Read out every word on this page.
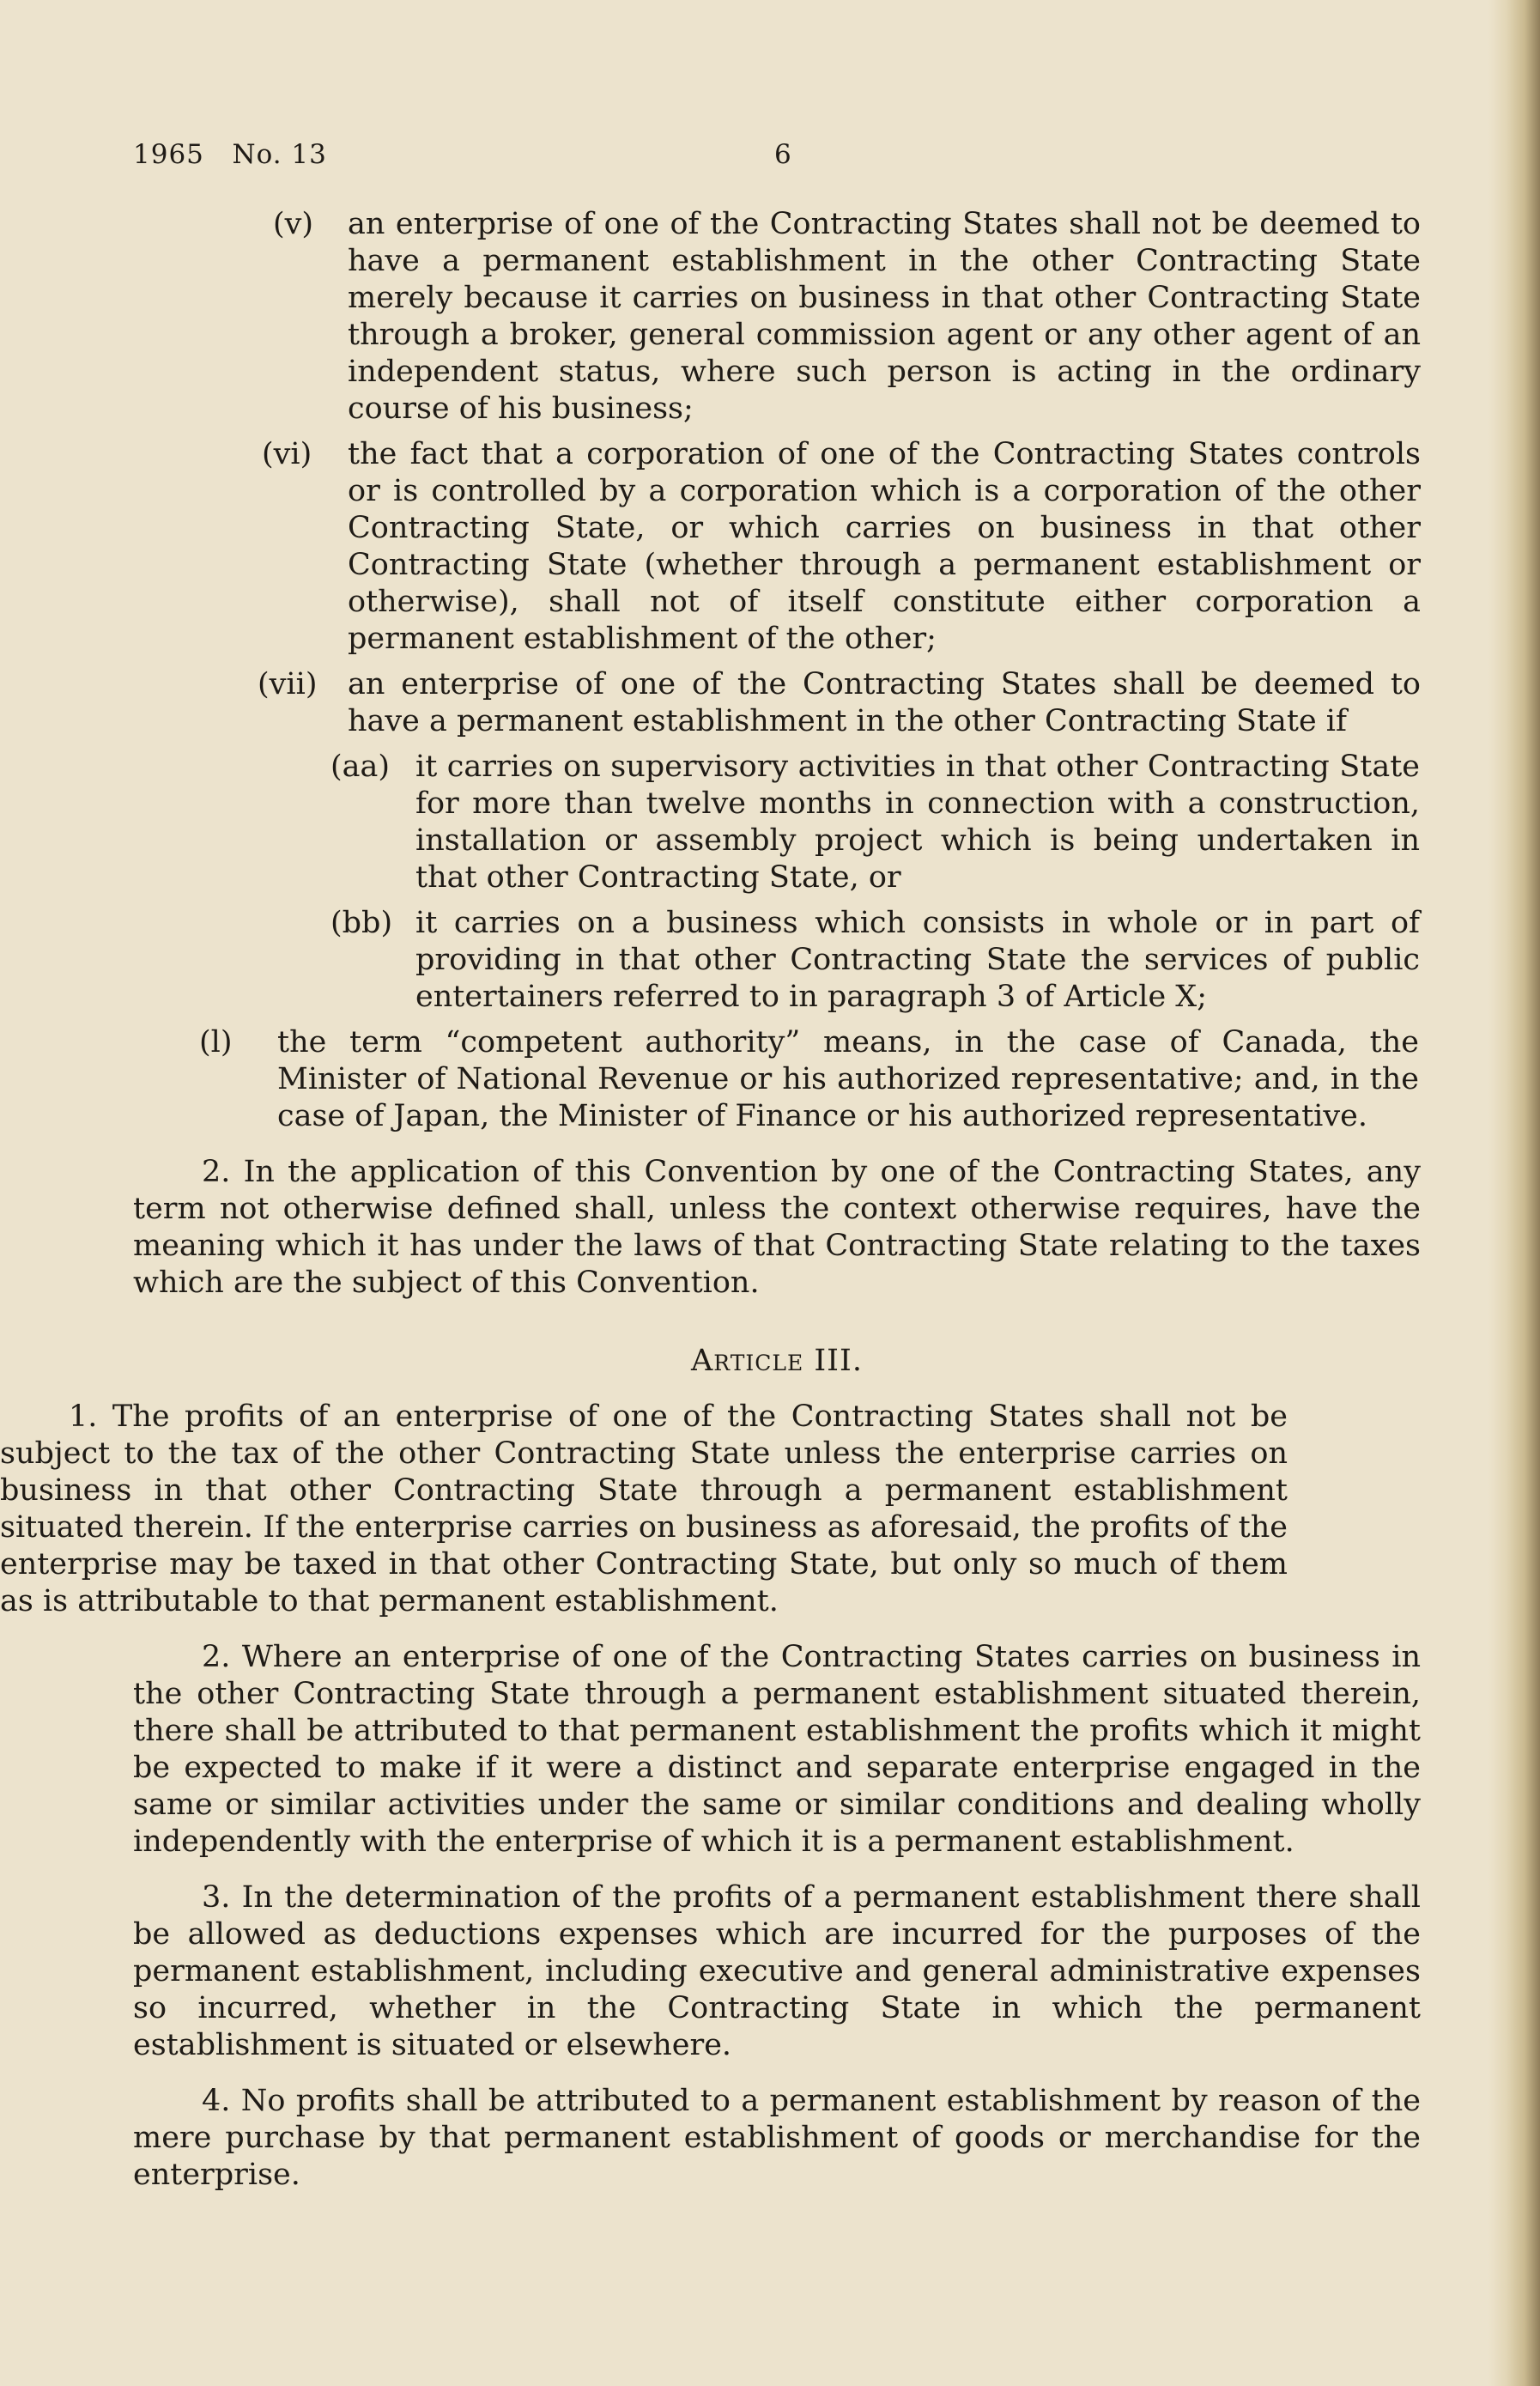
1965   No. 13	6
(v) an enterprise of one of the Contracting States shall not be deemed to have a permanent establishment in the other Contracting State merely because it carries on business in that other Contracting State through a broker, general commission agent or any other agent of an independent status, where such person is acting in the ordinary course of his business;
(vi) the fact that a corporation of one of the Contracting States controls or is controlled by a corporation which is a corporation of the other Contracting State, or which carries on business in that other Contracting State (whether through a permanent establishment or otherwise), shall not of itself constitute either corporation a permanent establishment of the other;
(vii) an enterprise of one of the Contracting States shall be deemed to have a permanent establishment in the other Contracting State if
(aa) it carries on supervisory activities in that other Contracting State for more than twelve months in connection with a construction, installation or assembly project which is being undertaken in that other Contracting State, or
(bb) it carries on a business which consists in whole or in part of providing in that other Contracting State the services of public entertainers referred to in paragraph 3 of Article X;
(l) the term “competent authority” means, in the case of Canada, the Minister of National Revenue or his authorized representative; and, in the case of Japan, the Minister of Finance or his authorized representative.

2. In the application of this Convention by one of the Contracting States, any term not otherwise defined shall, unless the context otherwise requires, have the meaning which it has under the laws of that Contracting State relating to the taxes which are the subject of this Convention.

Article III.

1. The profits of an enterprise of one of the Contracting States shall not be subject to the tax of the other Contracting State unless the enterprise carries on business in that other Contracting State through a permanent establishment situated therein. If the enterprise carries on business as aforesaid, the profits of the enterprise may be taxed in that other Contracting State, but only so much of them as is attributable to that permanent establishment.

2. Where an enterprise of one of the Contracting States carries on business in the other Contracting State through a permanent establishment situated therein, there shall be attributed to that permanent establishment the profits which it might be expected to make if it were a distinct and separate enterprise engaged in the same or similar activities under the same or similar conditions and dealing wholly independently with the enterprise of which it is a permanent establishment.

3. In the determination of the profits of a permanent establishment there shall be allowed as deductions expenses which are incurred for the purposes of the permanent establishment, including executive and general administrative expenses so incurred, whether in the Contracting State in which the permanent establishment is situated or elsewhere.

4. No profits shall be attributed to a permanent establishment by reason of the mere purchase by that permanent establishment of goods or merchandise for the enterprise.
